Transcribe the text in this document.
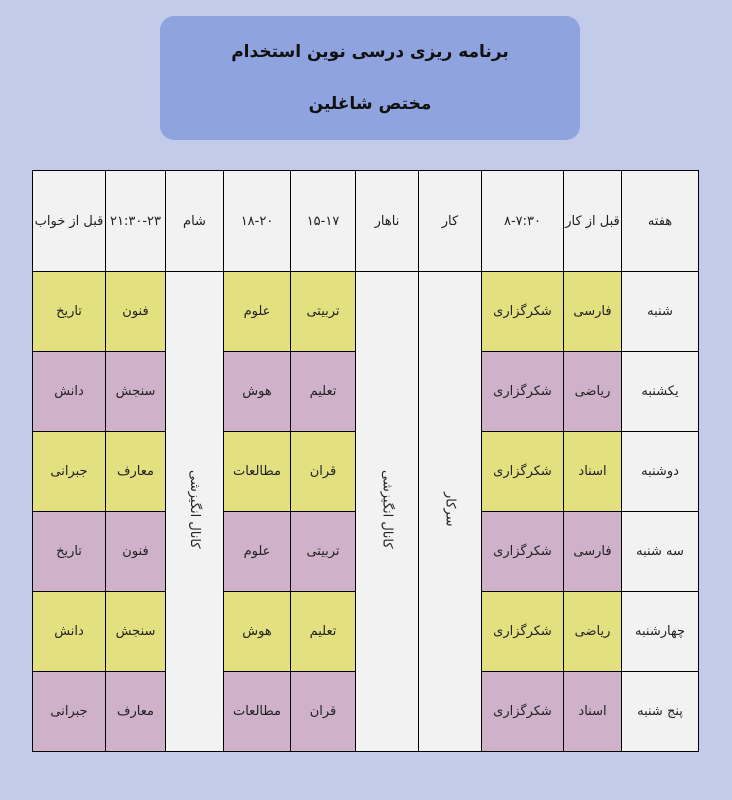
برنامه ریزی درسی نوین استخدام
مختص شاغلین
هفته	قبل از کار	۸-۷:۳۰	کار	ناهار	۱۵-۱۷	۱۸-۲۰	شام	۲۱:۳۰-۲۳	قبل از خواب
شنبه	فارسی	شکرگزاری	سرکار	کانال انگیزشی	تربیتی	علوم	کانال انگیزشی	فنون	تاریخ
یکشنبه	ریاضی	شکرگزاری			تعلیم	هوش		سنجش	دانش
دوشنبه	اسناد	شکرگزاری			قران	مطالعات		معارف	جبرانی
سه شنبه	فارسی	شکرگزاری			تربیتی	علوم		فنون	تاریخ
چهارشنبه	ریاضی	شکرگزاری			تعلیم	هوش		سنجش	دانش
پنج شنبه	اسناد	شکرگزاری			قران	مطالعات		معارف	جبرانی
